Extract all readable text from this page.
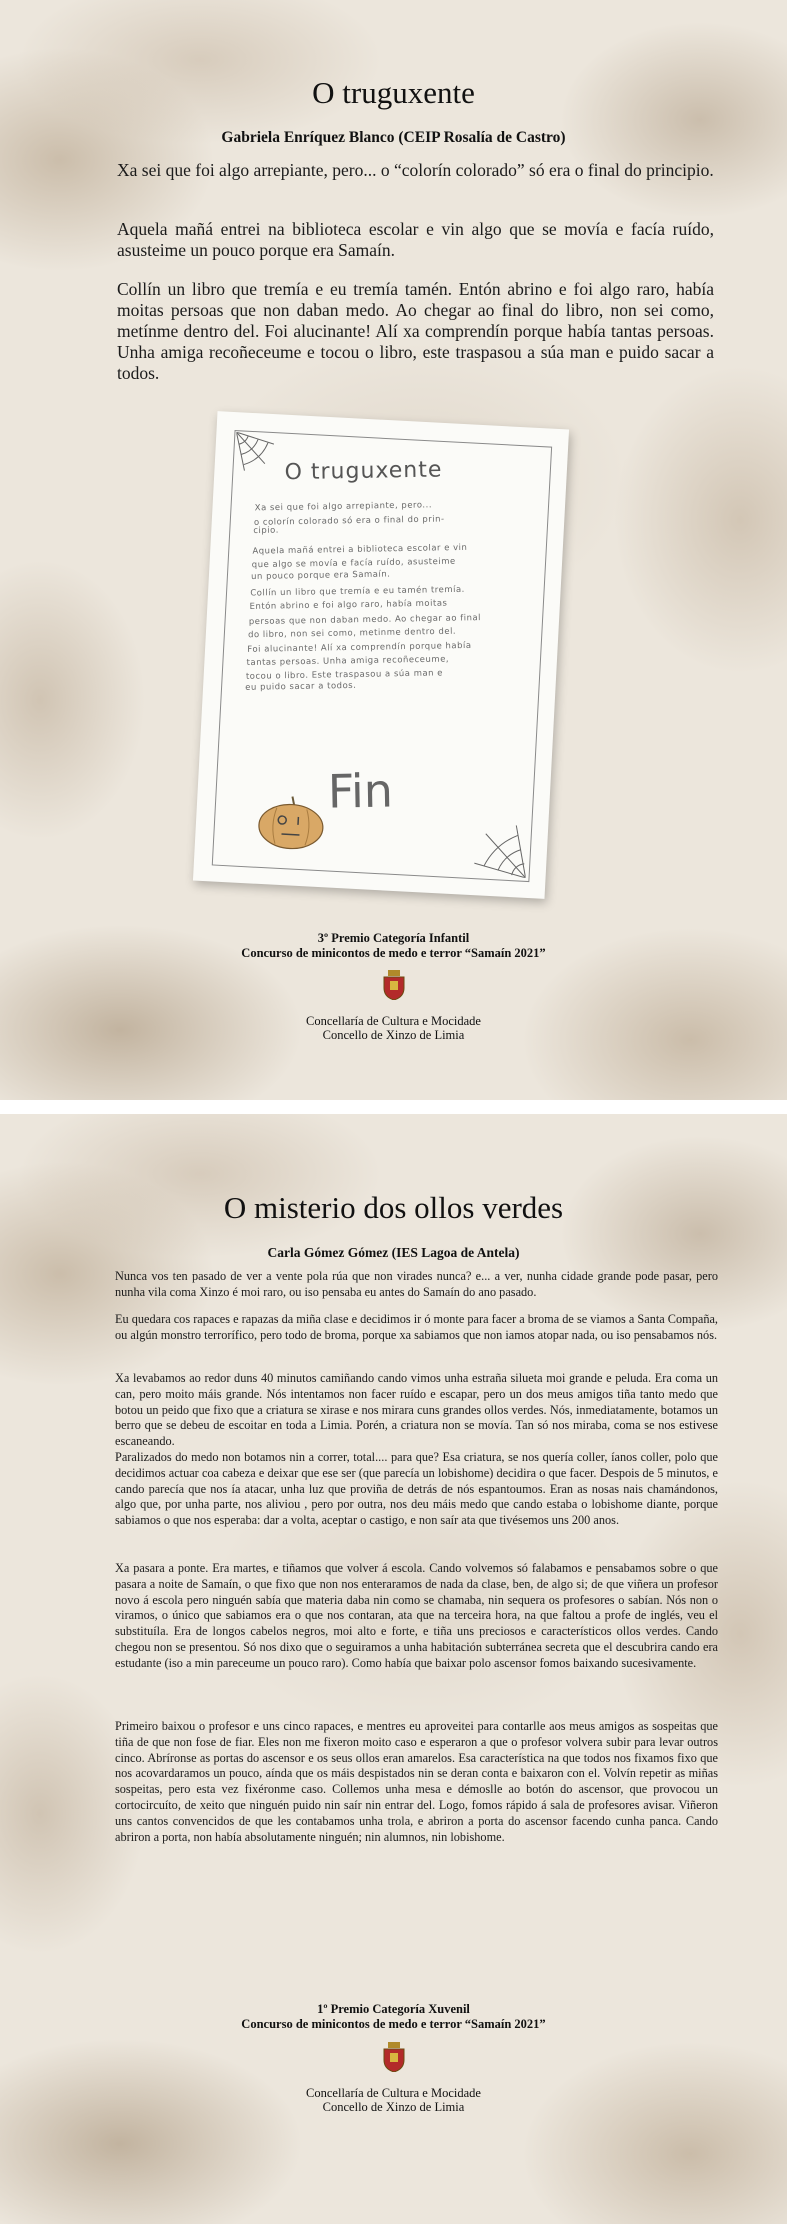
O truguxente
Gabriela Enríquez Blanco (CEIP Rosalía de Castro)

Xa sei que foi algo arrepiante, pero... o “colorín colorado” só era o final do principio.

Aquela mañá entrei na biblioteca escolar e vin algo que se movía e facía ruído, asusteime un pouco porque era Samaín.

Collín un libro que tremía e eu tremía tamén. Entón abrino e foi algo raro, había moitas persoas que non daban medo. Ao chegar ao final do libro, non sei como, metínme dentro del. Foi alucinante! Alí xa comprendín porque había tantas persoas. Unha amiga recoñeceume e tocou o libro, este traspasou a súa man e puido sacar a todos.

O truguxente
Xa sei que foi algo arrepiante, pero...
o colorín colorado só era o final do prin-
cipio.
Aquela mañá entrei a biblioteca escolar e vin
que algo se movía e facía ruído, asusteime
un pouco porque era Samaín.
Collín un libro que tremía e eu tamén tremía.
Entón abrino e foi algo raro, había moitas
persoas que non daban medo. Ao chegar ao final
do libro, non sei como, metinme dentro del.
Foi alucinante! Alí xa comprendín porque había
tantas persoas. Unha amiga recoñeceume,
tocou o libro. Este traspasou a súa man e
eu puido sacar a todos.
Fin
3º Premio Categoría Infantil
Concurso de minicontos de medo e terror “Samaín 2021”
Concellaría de Cultura e Mocidade
Concello de Xinzo de Limia
O misterio dos ollos verdes
Carla Gómez Gómez (IES Lagoa de Antela)

Nunca vos ten pasado de ver a vente pola rúa que non virades nunca? e... a ver, nunha cidade grande pode pasar, pero nunha vila coma Xinzo é moi raro, ou iso pensaba eu antes do Samaín do ano pasado.

Eu quedara cos rapaces e rapazas da miña clase e decidimos ir ó monte para facer a broma de se viamos a Santa Compaña, ou algún monstro terrorífico, pero todo de broma, porque xa sabiamos que non iamos atopar nada, ou iso pensabamos nós.

Xa levabamos ao redor duns 40 minutos camiñando cando vimos unha estraña silueta moi grande e peluda. Era coma un can, pero moito máis grande. Nós intentamos non facer ruído e escapar, pero un dos meus amigos tiña tanto medo que botou un peido que fixo que a criatura se xirase e nos mirara cuns grandes ollos verdes. Nós, inmediatamente, botamos un berro que se debeu de escoitar en toda a Limia. Porén, a criatura non se movía. Tan só nos miraba, coma se nos estivese escaneando.

Paralizados do medo non botamos nin a correr, total.... para que? Esa criatura, se nos quería coller, íanos coller, polo que decidimos actuar coa cabeza e deixar que ese ser (que parecía un lobishome) decidira o que facer. Despois de 5 minutos, e cando parecía que nos ía atacar, unha luz que proviña de detrás de nós espantoumos. Eran as nosas nais chamándonos, algo que, por unha parte, nos aliviou , pero por outra, nos deu máis medo que cando estaba o lobishome diante, porque sabiamos o que nos esperaba: dar a volta, aceptar o castigo, e non saír ata que tivésemos uns 200 anos.

Xa pasara a ponte. Era martes, e tiñamos que volver á escola. Cando volvemos só falabamos e pensabamos sobre o que pasara a noite de Samaín, o que fixo que non nos enteraramos de nada da clase, ben, de algo si; de que viñera un profesor novo á escola pero ninguén sabía que materia daba nin como se chamaba, nin sequera os profesores o sabían. Nós non o viramos, o único que sabiamos era o que nos contaran, ata que na terceira hora, na que faltou a profe de inglés, veu el substituíla. Era de longos cabelos negros, moi alto e forte, e tiña uns preciosos e característicos ollos verdes. Cando chegou non se presentou. Só nos dixo que o seguiramos a unha habitación subterránea secreta que el descubrira cando era estudante (iso a min pareceume un pouco raro). Como había que baixar polo ascensor fomos baixando sucesivamente.

Primeiro baixou o profesor e uns cinco rapaces, e mentres eu aproveitei para contarlle aos meus amigos as sospeitas que tiña de que non fose de fiar. Eles non me fixeron moito caso e esperaron a que o profesor volvera subir para levar outros cinco. Abríronse as portas do ascensor e os seus ollos eran amarelos. Esa característica na que todos nos fixamos fixo que nos acovardaramos un pouco, aínda que os máis despistados nin se deran conta e baixaron con el. Volvín repetir as miñas sospeitas, pero esta vez fixéronme caso. Collemos unha mesa e démoslle ao botón do ascensor, que provocou un cortocircuíto, de xeito que ninguén puido nin saír nin entrar del. Logo, fomos rápido á sala de profesores avisar. Viñeron uns cantos convencidos de que les contabamos unha trola, e abriron a porta do ascensor facendo cunha panca. Cando abriron a porta, non había absolutamente ninguén; nin alumnos, nin lobishome.

1º Premio Categoría Xuvenil
Concurso de minicontos de medo e terror “Samaín 2021”
Concellaría de Cultura e Mocidade
Concello de Xinzo de Limia
